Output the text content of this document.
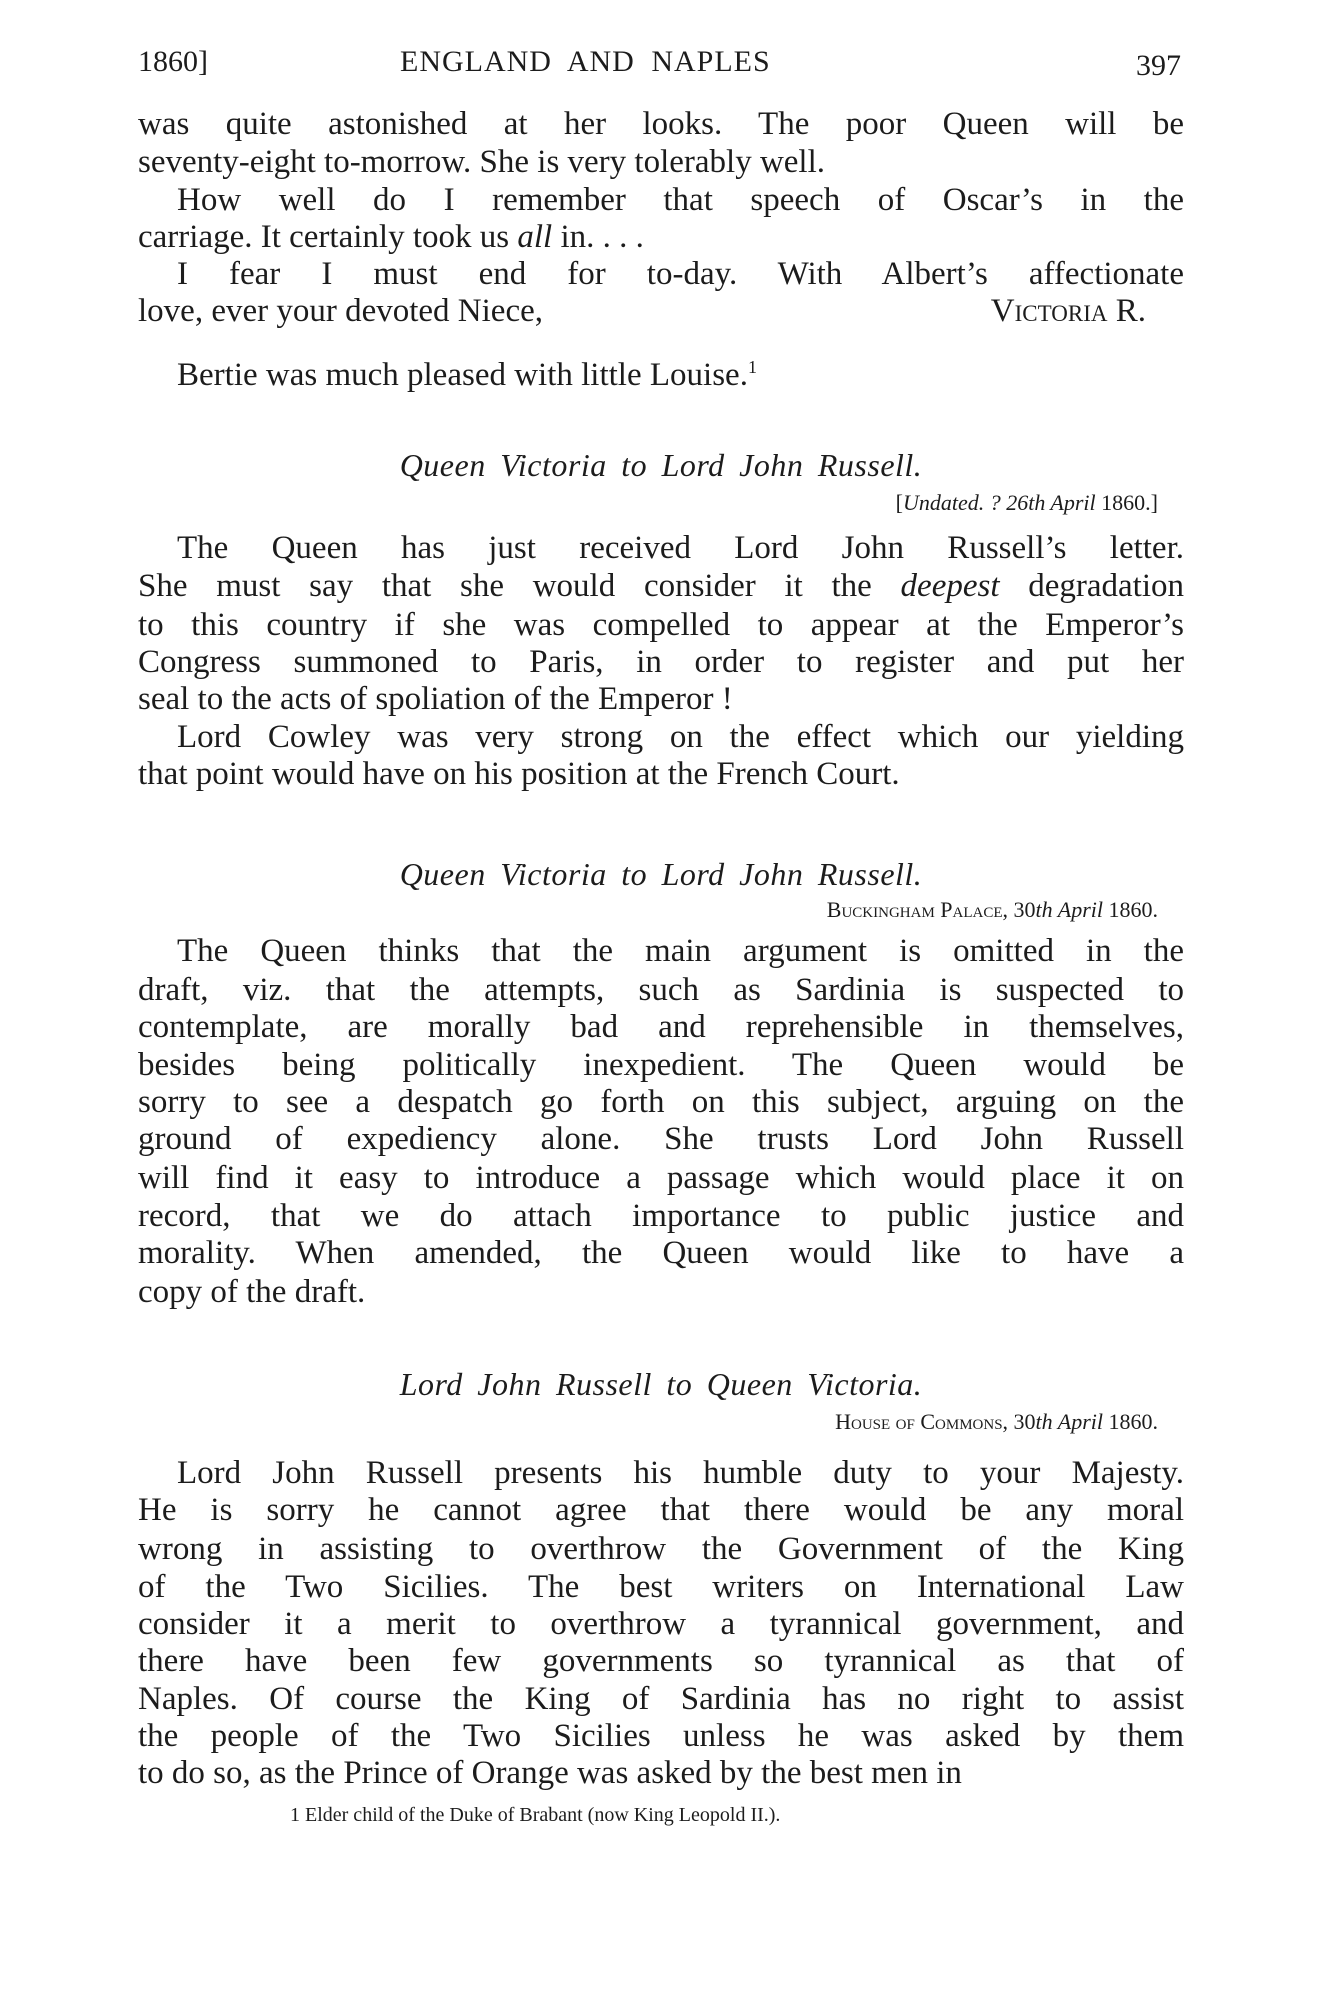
1860]	ENGLAND AND NAPLES	397
was quite astonished at her looks. The poor Queen will be
seventy-eight to-morrow. She is very tolerably well.
How well do I remember that speech of Oscar’s in the
carriage. It certainly took us all in. . . .
I fear I must end for to-day. With Albert’s affectionate
love, ever your devoted Niece,	Victoria R.
Bertie was much pleased with little Louise.$^1$
Queen Victoria to Lord John Russell.
[Undated. ? 26th April 1860.]
The Queen has just received Lord John Russell’s letter.
She must say that she would consider it the deepest degradation
to this country if she was compelled to appear at the Emperor’s
Congress summoned to Paris, in order to register and put her
seal to the acts of spoliation of the Emperor !
Lord Cowley was very strong on the effect which our yielding
that point would have on his position at the French Court.
Queen Victoria to Lord John Russell.
Buckingham Palace, 30th April 1860.
The Queen thinks that the main argument is omitted in the
draft, viz. that the attempts, such as Sardinia is suspected to
contemplate, are morally bad and reprehensible in themselves,
besides being politically inexpedient. The Queen would be
sorry to see a despatch go forth on this subject, arguing on the
ground of expediency alone. She trusts Lord John Russell
will find it easy to introduce a passage which would place it on
record, that we do attach importance to public justice and
morality. When amended, the Queen would like to have a
copy of the draft.
Lord John Russell to Queen Victoria.
House of Commons, 30th April 1860.
Lord John Russell presents his humble duty to your Majesty.
He is sorry he cannot agree that there would be any moral
wrong in assisting to overthrow the Government of the King
of the Two Sicilies. The best writers on International Law
consider it a merit to overthrow a tyrannical government, and
there have been few governments so tyrannical as that of
Naples. Of course the King of Sardinia has no right to assist
the people of the Two Sicilies unless he was asked by them
to do so, as the Prince of Orange was asked by the best men in
1 Elder child of the Duke of Brabant (now King Leopold II.).
